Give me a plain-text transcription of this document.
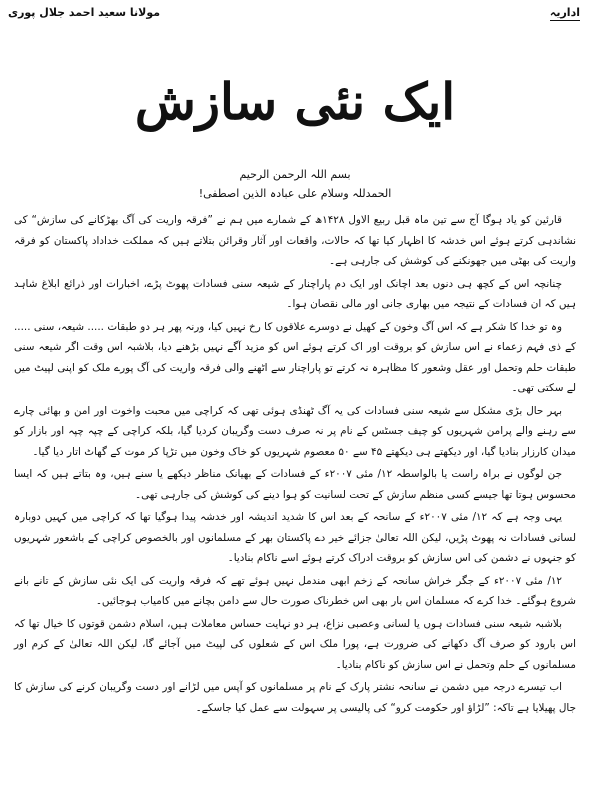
مولانا سعید احمد جلال پوری	اداریہ
ایک نئی سازش
بسم اللہ الرحمن الرحیم
الحمدللہ وسلام علی عبادہ الذین اصطفی!

قارئین کو یاد ہوگا آج سے تین ماہ قبل ربیع الاول ۱۴۲۸ھ کے شمارے میں ہم نے ”فرقہ واریت کی آگ بھڑکانے کی سازش“ کی نشاندہی کرتے ہوئے اس خدشہ کا اظہار کیا تھا کہ حالات، واقعات اور آثار وقرائن بتلاتے ہیں کہ مملکت خداداد پاکستان کو فرقہ واریت کی بھٹی میں جھونکنے کی کوشش کی جارہی ہے۔

چنانچہ اس کے کچھ ہی دنوں بعد اچانک اور ایک دم پاراچنار کے شیعہ سنی فسادات پھوٹ پڑے، اخبارات اور ذرائع ابلاغ شاہد ہیں کہ ان فسادات کے نتیجہ میں بھاری جانی اور مالی نقصان ہوا۔

وہ تو خدا کا شکر ہے کہ اس آگ وخون کے کھیل نے دوسرے علاقوں کا رخ نہیں کیا، ورنہ پھر ہر دو طبقات ..... شیعہ، سنی ..... کے ذی فہم زعماء نے اس سازش کو بروقت اور اک کرتے ہوئے اس کو مزید آگے نہیں بڑھنے دیا، بلاشبہ اس وقت اگر شیعہ سنی طبقات حلم وتحمل اور عقل وشعور کا مظاہرہ نہ کرتے تو پاراچنار سے اٹھنے والی فرقہ واریت کی آگ پورے ملک کو اپنی لپیٹ میں لے سکتی تھی۔

بہر حال بڑی مشکل سے شیعہ سنی فسادات کی یہ آگ ٹھنڈی ہوئی تھی کہ کراچی میں محبت واخوت اور امن و بھائی چارے سے رہنے والے پرامن شہریوں کو چیف جسٹس کے نام پر نہ صرف دست وگریبان کردیا گیا، بلکہ کراچی کے چپہ چپہ اور بازار کو میدان کارزار بنادیا گیا، اور دیکھتے ہی دیکھتے ۴۵ سے ۵۰ معصوم شہریوں کو خاک وخون میں تڑپا کر موت کے گھاٹ اتار دیا گیا۔

جن لوگوں نے براہ راست یا بالواسطہ ۱۲/ مئی ۲۰۰۷ء کے فسادات کے بھیانک مناظر دیکھے یا سنے ہیں، وہ بتاتے ہیں کہ ایسا محسوس ہوتا تھا جیسے کسی منظم سازش کے تحت لسانیت کو ہوا دینے کی کوشش کی جارہی تھی۔

یہی وجہ ہے کہ ۱۲/ مئی ۲۰۰۷ء کے سانحہ کے بعد اس کا شدید اندیشہ اور خدشہ پیدا ہوگیا تھا کہ کراچی میں کہیں دوبارہ لسانی فسادات نہ پھوٹ پڑیں، لیکن اللہ تعالیٰ جزائے خیر دے پاکستان بھر کے مسلمانوں اور بالخصوص کراچی کے باشعور شہریوں کو جنہوں نے دشمن کی اس سازش کو بروقت ادراک کرتے ہوئے اسے ناکام بنادیا۔

۱۲/ مئی ۲۰۰۷ء کے جگر خراش سانحہ کے زخم ابھی مندمل نہیں ہوئے تھے کہ فرقہ واریت کی ایک نئی سازش کے تانے بانے شروع ہوگئے۔ خدا کرے کہ مسلمان اس بار بھی اس خطرناک صورت حال سے دامن بچانے میں کامیاب ہوجائیں۔

بلاشبہ شیعہ سنی فسادات ہوں یا لسانی وعصبی نزاع، ہر دو نہایت حساس معاملات ہیں، اسلام دشمن قوتوں کا خیال تھا کہ اس بارود کو صرف آگ دکھانے کی ضرورت ہے، پورا ملک اس کے شعلوں کی لپیٹ میں آجائے گا، لیکن اللہ تعالیٰ کے کرم اور مسلمانوں کے حلم وتحمل نے اس سازش کو ناکام بنادیا۔

اب تیسرے درجہ میں دشمن نے سانحہ نشتر پارک کے نام پر مسلمانوں کو آپس میں لڑانے اور دست وگریبان کرنے کی سازش کا جال پھیلایا ہے تاکہ: ”لڑاؤ اور حکومت کرو“ کی پالیسی پر سہولت سے عمل کیا جاسکے۔
